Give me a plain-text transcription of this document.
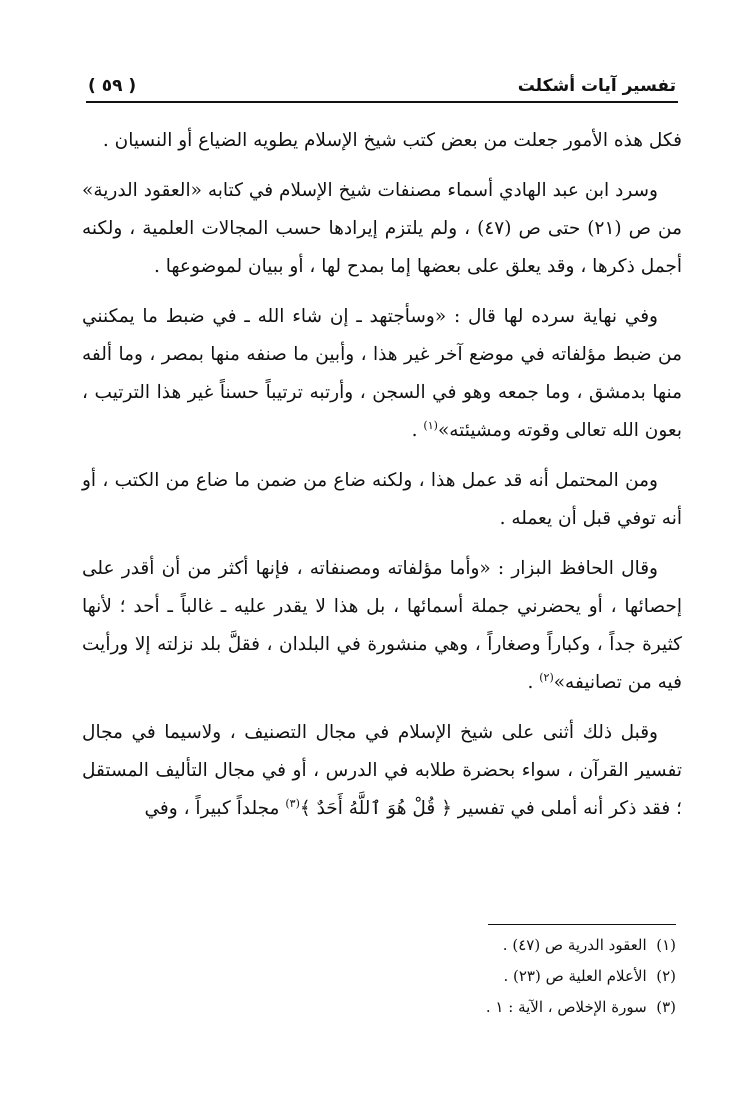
تفسير آيات أشكلت
( ٥٩ )

فكل هذه الأمور جعلت من بعض كتب شيخ الإسلام يطويه الضياع أو النسيان .

وسرد ابن عبد الهادي أسماء مصنفات شيخ الإسلام في كتابه «العقود الدرية» من ص (٢١) حتى ص (٤٧) ، ولم يلتزم إيرادها حسب المجالات العلمية ، ولكنه أجمل ذكرها ، وقد يعلق على بعضها إما بمدح لها ، أو ببيان لموضوعها .

وفي نهاية سرده لها قال : «وسأجتهد ـ إن شاء الله ـ في ضبط ما يمكنني من ضبط مؤلفاته في موضع آخر غير هذا ، وأبين ما صنفه منها بمصر ، وما ألفه منها بدمشق ، وما جمعه وهو في السجن ، وأرتبه ترتيباً حسناً غير هذا الترتيب ، بعون الله تعالى وقوته ومشيئته»$^{(١)}$ .

ومن المحتمل أنه قد عمل هذا ، ولكنه ضاع من ضمن ما ضاع من الكتب ، أو أنه توفي قبل أن يعمله .

وقال الحافظ البزار : «وأما مؤلفاته ومصنفاته ، فإنها أكثر من أن أقدر على إحصائها ، أو يحضرني جملة أسمائها ، بل هذا لا يقدر عليه ـ غالباً ـ أحد ؛ لأنها كثيرة جداً ، وكباراً وصغاراً ، وهي منشورة في البلدان ، فقلَّ بلد نزلته إلا ورأيت فيه من تصانيفه»$^{(٢)}$ .

وقبل ذلك أثنى على شيخ الإسلام في مجال التصنيف ، ولاسيما في مجال تفسير القرآن ، سواء بحضرة طلابه في الدرس ، أو في مجال التأليف المستقل ؛ فقد ذكر أنه أملى في تفسير ﴿ قُلْ هُوَ ٱللَّهُ أَحَدٌ ﴾$^{(٣)}$ مجلداً كبيراً ، وفي

(١)  العقود الدرية ص (٤٧) .

(٢)  الأعلام العلية ص (٢٣) .

(٣)  سورة الإخلاص ، الآية : ١ .
